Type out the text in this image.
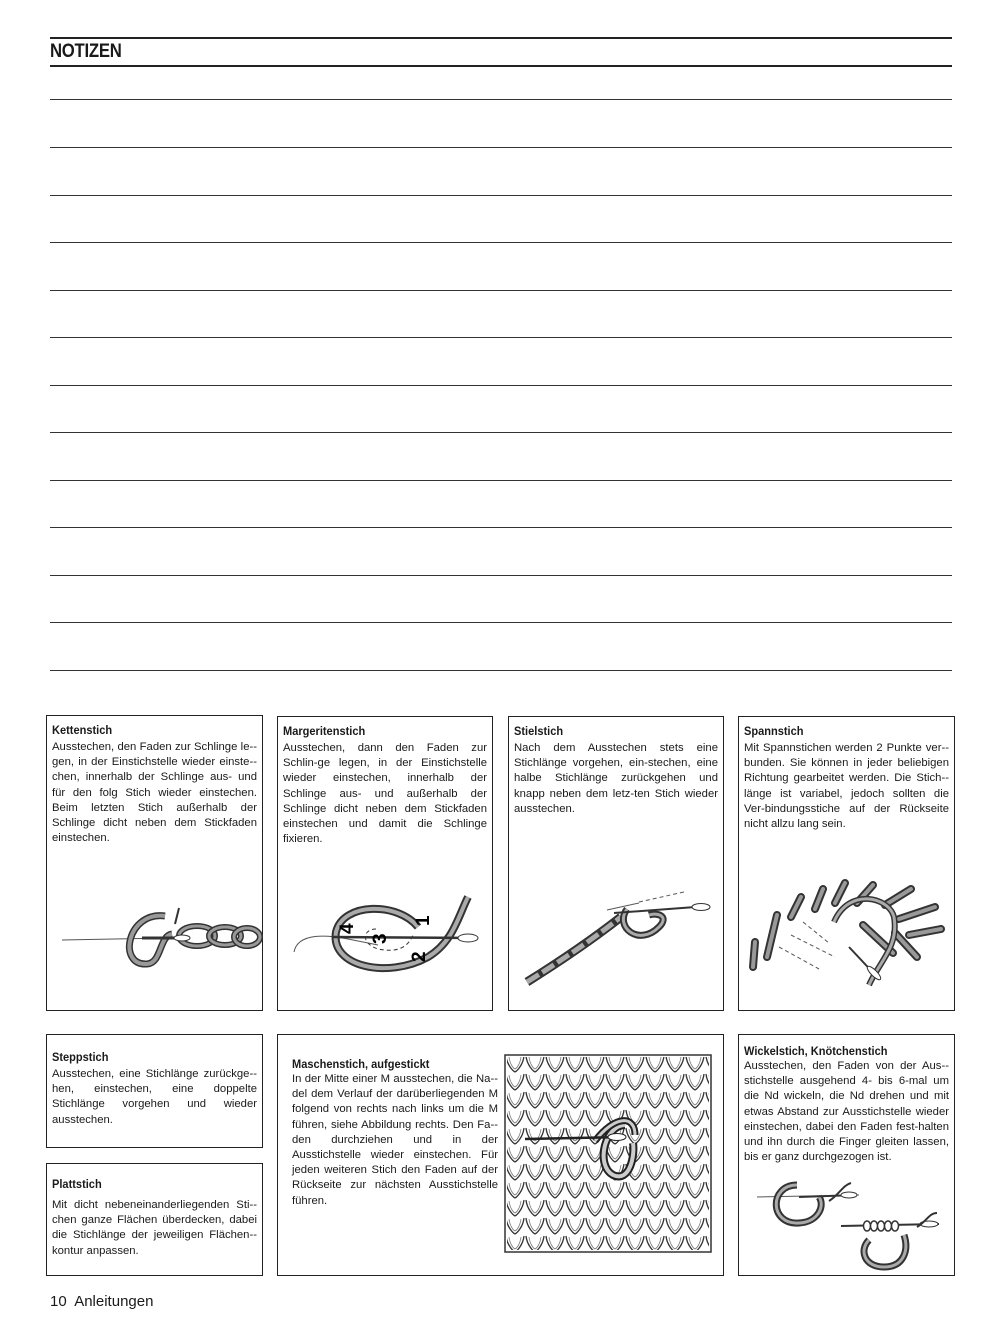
NOTIZEN
Kettenstich

Ausstechen, den Faden zur Schlinge le-gen, in der Einstichstelle wieder einste-chen, innerhalb der Schlinge aus- und für den folg Stich wieder einstechen. Beim letzten Stich außerhalb der Schlinge dicht neben dem Stickfaden einstechen.

Margeritenstich

Ausstechen, dann den Faden zur Schlin-ge legen, in der Einstichstelle wieder einstechen, innerhalb der Schlinge aus- und außerhalb der Schlinge dicht neben dem Stickfaden einstechen und damit die Schlinge fixieren.

1
2
3
4
Stielstich

Nach dem Ausstechen stets eine Stichlänge vorgehen, ein-stechen, eine halbe Stichlänge zurückgehen und knapp neben dem letz-ten Stich wieder ausstechen.

Spannstich

Mit Spannstichen werden 2 Punkte ver-bunden. Sie können in jeder beliebigen Richtung gearbeitet werden. Die Stich-länge ist variabel, jedoch sollten die Ver-bindungsstiche auf der Rückseite nicht allzu lang sein.

Steppstich

Ausstechen, eine Stichlänge zurückge-hen, einstechen, eine doppelte Stichlänge vorgehen und wieder ausstechen.

Plattstich

Mit dicht nebeneinanderliegenden Sti-chen ganze Flächen überdecken, dabei die Stichlänge der jeweiligen Flächen-kontur anpassen.

Maschenstich, aufgestickt

In der Mitte einer M ausstechen, die Na-del dem Verlauf der darüberliegenden M folgend von rechts nach links um die M führen, siehe Abbildung rechts. Den Fa-den durchziehen und in der Ausstichstelle wieder einstechen. Für jeden weiteren Stich den Faden auf der Rückseite zur nächsten Ausstichstelle führen.

Wickelstich, Knötchenstich

Ausstechen, den Faden von der Aus-stichstelle ausgehend 4- bis 6-mal um die Nd wickeln, die Nd drehen und mit etwas Abstand zur Ausstichstelle wieder einstechen, dabei den Faden fest-halten und ihn durch die Finger gleiten lassen, bis er ganz durchgezogen ist.

10 Anleitungen
